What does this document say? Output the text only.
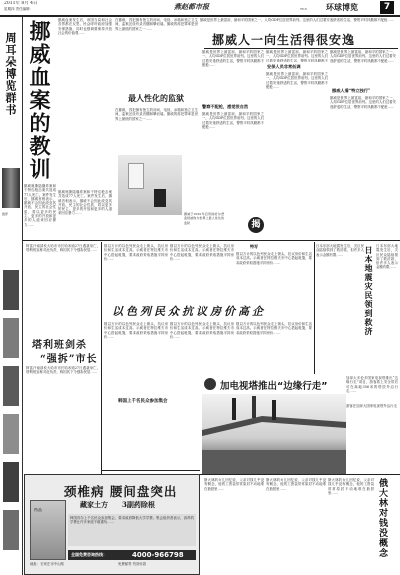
2011年 8月 4日
星期四 责任编辑：	燕赵都市报	TV-5	环球博览	7
周耳朵博览群书
推荐
挪威血案的教训 挪威血案发生后，该国当局和社会各界都在反思，民众呼吁政府加强安保措施，同时也强调要保持开放社会的价值观……
挪威奥斯陆爆炸案和于特岛枪击案共造成77人死亡。案件发生后，挪威首相表示，挪威不会因此改变其开放、民主的社会性质，将以更多的民主、更多的开放和更多的人道来回应暴力……
挪威奥斯陆爆炸案和于特岛枪击案共造成77人死亡。案件发生后，挪威首相表示，挪威不会因此改变其开放、民主的社会性质，将以更多的民主、更多的开放和更多的人道来回应暴力……
在挪威，囚犯拥有独立的房间、电视、冰箱和独立卫生间，监狱还设有录音棚和攀岩墙。挪威的再犯罪率是世界上最低的国家之一……
最人性化的监狱
在挪威，囚犯拥有独立的房间、电视、冰箱和独立卫生间，监狱还设有录音棚和攀岩墙。挪威的再犯罪率是世界上最低的国家之一……
挪威于2010年启用的哈尔登监狱被称为世界上最人性化的监狱
挪威人一向生活得很安逸
挪威是世界上最富裕、最和平的国家之一，人均GDP位居世界前列。这里的人们过着安逸舒适的生活，警察平时执勤都不配枪……
挪威是世界上最富裕、最和平的国家之一，人均GDP位居世界前列。这里的人们过着安逸舒适的生活，警察平时执勤都不配枪……
警察不配枪，感觉很自然
挪威是世界上最富裕、最和平的国家之一，人均GDP位居世界前列。这里的人们过着安逸舒适的生活，警察平时执勤都不配枪……
挪威是世界上最富裕、最和平的国家之一，人均GDP位居世界前列。这里的人们过着安逸舒适的生活，警察平时执勤都不
安保人员非常低调
挪威是世界上最富裕、最和平的国家之一，人均GDP位居世界前列。这里的人们过着安逸舒适的生活，警察平时执勤都不配枪……
挪威是世界上最富裕、最和平的国家之一，人均GDP位居世界前列。这里的人们过着安逸舒适的生活，警察平时执勤都不配枪……
挪威人看“特立独行”
挪威是世界上最富裕、最和平的国家之一，人均GDP位居世界前列。这里的人们过着安逸舒适的生活，警察平时执勤都不配枪……
揭
阿富汗南部坎大哈市市长哈米迪27日遇袭身亡，塔利班宣称对此负责，称因其下令强拆民居……
塔利班剑杀
“强拆”市长
阿富汗南部坎大哈市市长哈米迪27日遇袭身亡，塔利班宣称对此负责，称因其下令强拆民居……
数以万计的以色列民众走上街头，抗议房价和生活成本过高。示威者在特拉维夫市中心搭起帐篷，要求政府采取措施平抑房价……
数以万计的以色列民众走上街头，抗议房价和生活成本过高。示威者在特拉维夫市中心搭起帐篷，要求政府采取措施平抑房价……
特写
数以万计的以色列民众走上街头，抗议房价和生活成本过高。示威者在特拉维夫市中心搭起帐篷，要求政府采取措施平抑房价……
以色列民众抗议房价高企
数以万计的以色列民众走上街头，抗议房价和生活成本过高。示威者在特拉维夫市中心搭起帐篷，要求政府采取措施平抑房价……
数以万计的以色列民众走上街头，抗议房价和生活成本过高。示威者在特拉维夫市中心搭起帐篷，要求政府采取措施平抑房价……
数以万计的以色列民众走上街头，抗议房价和生活成本过高。示威者在特拉维夫市中心搭起帐篷，要求政府采取措施平抑房价……
日本东部大地震发生后，灾区民众陆续领到了救济款，但许多人表示金额有限……	日本地震灾民领到救济 日本东部大地震发生后，灾区民众陆续领到了救济款，但许多人表示金额有限……
加电视塔推出“边缘行走”
加拿大多伦多国家电视塔推出“边缘行走”项目，游客系上安全带后可在离地356米的塔顶外沿行走……
游客在加拿大国家电视塔外沿行走
韩国上千名民众参加集会
颈椎病 腰间盘突出
药品
藏家土方 3副药除根
韩国首尔上千名民众参加集会，要求政府降低大学学费。集会组织者表示，高昂的学费让许多家庭不堪重负……
全国免费咨询热线：	4000-966798
地址：石家庄市中山路	免费邮寄 货到付款
斯大林的女儿回忆说，父亲对钱几乎没有概念，他的工资袋常常原封不动地堆在抽屉里……
斯大林的女儿回忆说，父亲对钱几乎没有概念，他的工资袋常常原封不动地堆在抽屉里……
斯大林的女儿回忆说，父亲对钱几乎没有概念，他的工资袋常常原封不动地堆在抽屉里……	俄大林对钱没概念
